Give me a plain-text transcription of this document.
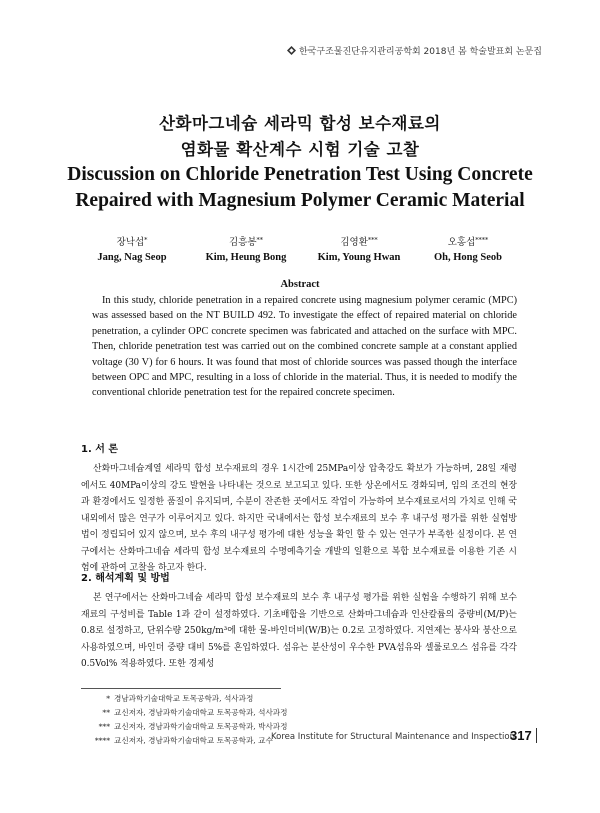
한국구조물진단유지관리공학회 2018년 봄 학술발표회 논문집
산화마그네슘 세라믹 합성 보수재료의
염화물 확산계수 시험 기술 고찰
Discussion on Chloride Penetration Test Using Concrete
Repaired with Magnesium Polymer Ceramic Material
장낙섭*
Jang, Nag Seop
김흥봉**
Kim, Heung Bong
김영환***
Kim, Young Hwan
오홍섭****
Oh, Hong Seob
Abstract

In this study, chloride penetration in a repaired concrete using magnesium polymer ceramic (MPC) was assessed based on the NT BUILD 492. To investigate the effect of repaired material on chloride penetration, a cylinder OPC concrete specimen was fabricated and attached on the surface with MPC. Then, chloride penetration test was carried out on the combined concrete sample at a constant applied voltage (30 V) for 6 hours. It was found that most of chloride sources was passed though the interface between OPC and MPC, resulting in a loss of chloride in the material. Thus, it is needed to modify the conventional chloride penetration test for the repaired concrete specimen.

1. 서 론

산화마그네슘계열 세라믹 합성 보수재료의 경우 1시간에 25MPa이상 압축강도 확보가 가능하며, 28일 재령에서도 40MPa이상의 강도 발현을 나타내는 것으로 보고되고 있다. 또한 상온에서도 경화되며, 임의 조건의 현장과 환경에서도 일정한 품질이 유지되며, 수분이 잔존한 곳에서도 작업이 가능하여 보수재료로서의 가치로 인해 국내외에서 많은 연구가 이루어지고 있다. 하지만 국내에서는 합성 보수재료의 보수 후 내구성 평가를 위한 실험방법이 정립되어 있지 않으며, 보수 후의 내구성 평가에 대한 성능을 확인 할 수 있는 연구가 부족한 실정이다. 본 연구에서는 산화마그네슘 세라믹 합성 보수재료의 수명예측기술 개발의 일환으로 복합 보수재료를 이용한 기존 시험에 관하여 고찰을 하고자 한다.

2. 해석계획 및 방법

본 연구에서는 산화마그네슘 세라믹 합성 보수재료의 보수 후 내구성 평가를 위한 실험을 수행하기 위해 보수재료의 구성비를 Table 1과 같이 설정하였다. 기초배합을 기반으로 산화마그네슘과 인산칼륨의 중량비(M/P)는 0.8로 설정하고, 단위수량 250kg/m³에 대한 물-바인더비(W/B)는 0.2로 고정하였다. 지연제는 붕사와 붕산으로 사용하였으며, 바인더 중량 대비 5%를 혼입하였다. 섬유는 분산성이 우수한 PVA섬유와 셀룰로오스 섬유를 각각 0.5Vol% 적용하였다. 또한 경제성

* 경남과학기술대학교 토목공학과, 석사과정
** 교신저자, 경남과학기술대학교 토목공학과, 석사과정
*** 교신저자, 경남과학기술대학교 토목공학과, 박사과정
**** 교신저자, 경남과학기술대학교 토목공학과, 교수
Korea Institute for Structural Maintenance and Inspection
317
